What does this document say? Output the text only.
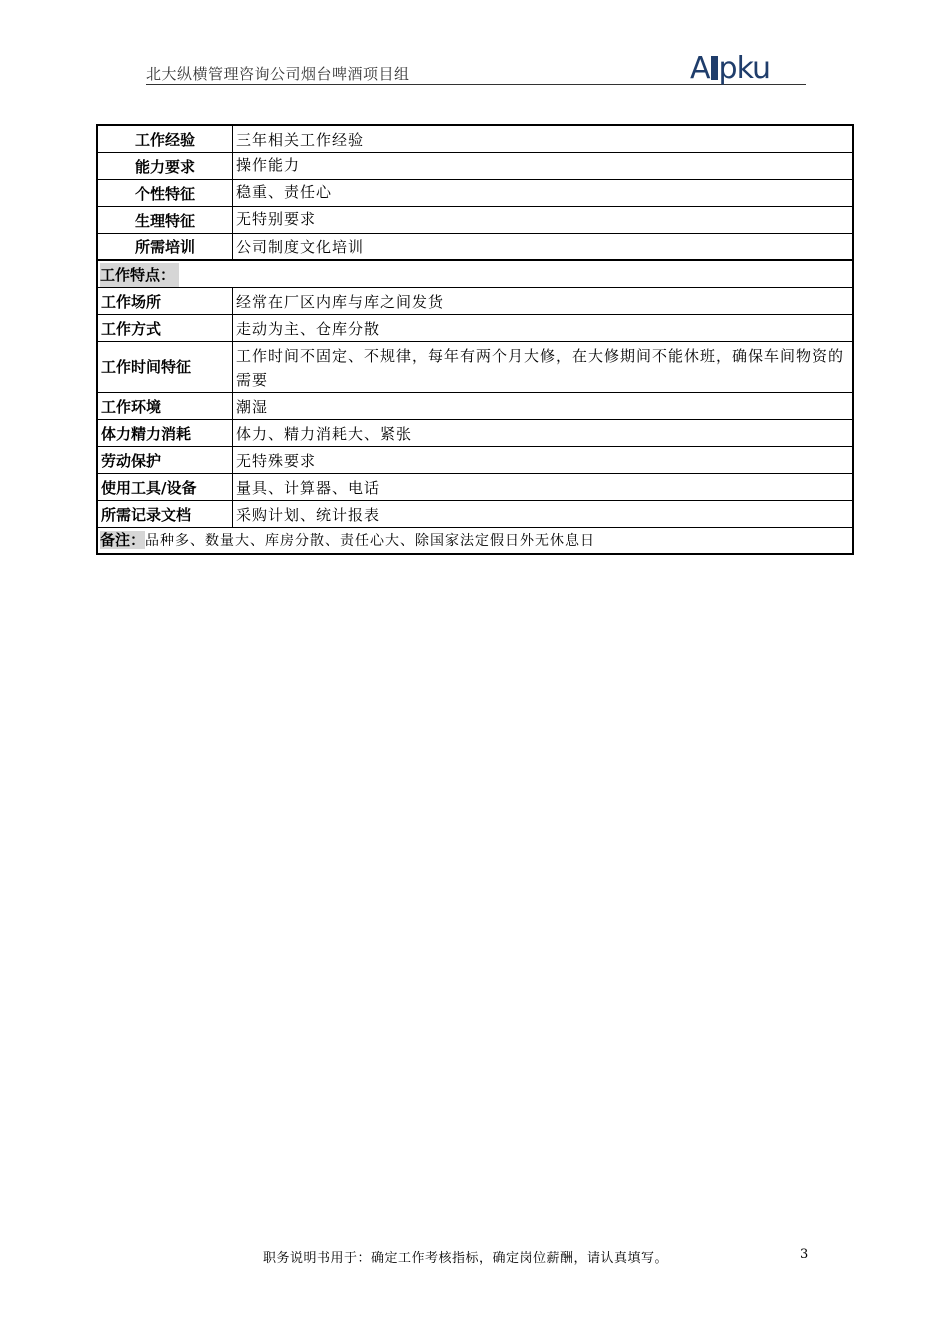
北大纵横管理咨询公司烟台啤酒项目组	A pku
工作经验	三年相关工作经验
能力要求	操作能力
个性特征	稳重、责任心
生理特征	无特别要求
所需培训	公司制度文化培训
工作特点：	
工作场所	经常在厂区内库与库之间发货
工作方式	走动为主、仓库分散
工作时间特征	工作时间不固定、不规律，每年有两个月大修，在大修期间不能休班，确保车间物资的需要
工作环境	潮湿
体力精力消耗	体力、精力消耗大、紧张
劳动保护	无特殊要求
使用工具/设备	量具、计算器、电话
所需记录文档	采购计划、统计报表
备注：品种多、数量大、库房分散、责任心大、除国家法定假日外无休息日	
职务说明书用于：确定工作考核指标，确定岗位薪酬，请认真填写。	3
